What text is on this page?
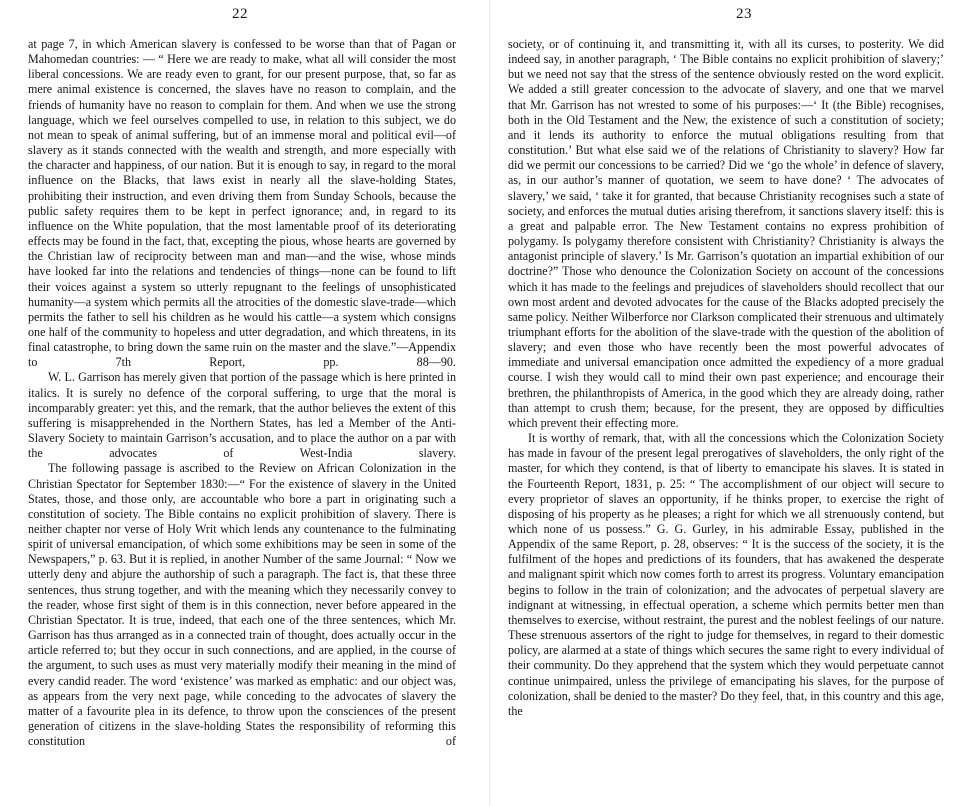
22

at page 7, in which American slavery is confessed to be worse than that of Pagan or Mahomedan countries: — “ Here we are ready to make, what all will consider the most liberal concessions. We are ready even to grant, for our present purpose, that, so far as mere animal existence is concerned, the slaves have no reason to complain, and the friends of humanity have no reason to complain for them. And when we use the strong language, which we feel ourselves compelled to use, in relation to this subject, we do not mean to speak of animal suffering, but of an immense moral and political evil—of slavery as it stands connected with the wealth and strength, and more especially with the character and happiness, of our nation. But it is enough to say, in regard to the moral influence on the Blacks, that laws exist in nearly all the slave-holding States, prohibiting their instruction, and even driving them from Sunday Schools, because the public safety requires them to be kept in perfect ignorance; and, in regard to its influence on the White population, that the most lamentable proof of its deteriorating effects may be found in the fact, that, excepting the pious, whose hearts are governed by the Christian law of reciprocity between man and man—and the wise, whose minds have looked far into the relations and tendencies of things—none can be found to lift their voices against a system so utterly repugnant to the feelings of unsophisticated humanity—a system which permits all the atrocities of the domestic slave-trade—which permits the father to sell his children as he would his cattle—a system which consigns one half of the community to hopeless and utter degradation, and which threatens, in its final catastrophe, to bring down the same ruin on the master and the slave.”—Appendix to 7th Report, pp. 88—90.

W. L. Garrison has merely given that portion of the passage which is here printed in italics. It is surely no defence of the corporal suffering, to urge that the moral is incomparably greater: yet this, and the remark, that the author believes the extent of this suffering is misapprehended in the Northern States, has led a Member of the Anti-Slavery Society to maintain Garrison’s accusation, and to place the author on a par with the advocates of West-India slavery.

The following passage is ascribed to the Review on African Colonization in the Christian Spectator for September 1830:—“ For the existence of slavery in the United States, those, and those only, are accountable who bore a part in originating such a constitution of society. The Bible contains no explicit prohibition of slavery. There is neither chapter nor verse of Holy Writ which lends any countenance to the fulminating spirit of universal emancipation, of which some exhibitions may be seen in some of the Newspapers,” p. 63. But it is replied, in another Number of the same Journal: “ Now we utterly deny and abjure the authorship of such a paragraph. The fact is, that these three sentences, thus strung together, and with the meaning which they necessarily convey to the reader, whose first sight of them is in this connection, never before appeared in the Christian Spectator. It is true, indeed, that each one of the three sentences, which Mr. Garrison has thus arranged as in a connected train of thought, does actually occur in the article referred to; but they occur in such connections, and are applied, in the course of the argument, to such uses as must very materially modify their meaning in the mind of every candid reader. The word ‘existence’ was marked as emphatic: and our object was, as appears from the very next page, while conceding to the advocates of slavery the matter of a favourite plea in its defence, to throw upon the consciences of the present generation of citizens in the slave-holding States the responsibility of reforming this constitution of

23

society, or of continuing it, and transmitting it, with all its curses, to posterity. We did indeed say, in another paragraph, ‘ The Bible contains no explicit prohibition of slavery;’ but we need not say that the stress of the sentence obviously rested on the word explicit. We added a still greater concession to the advocate of slavery, and one that we marvel that Mr. Garrison has not wrested to some of his purposes:—‘ It (the Bible) recognises, both in the Old Testament and the New, the existence of such a constitution of society; and it lends its authority to enforce the mutual obligations resulting from that constitution.’ But what else said we of the relations of Christianity to slavery? How far did we permit our concessions to be carried? Did we ‘go the whole’ in defence of slavery, as, in our author’s manner of quotation, we seem to have done? ‘ The advocates of slavery,’ we said, ‘ take it for granted, that because Christianity recognises such a state of society, and enforces the mutual duties arising therefrom, it sanctions slavery itself: this is a great and palpable error. The New Testament contains no express prohibition of polygamy. Is polygamy therefore consistent with Christianity? Christianity is always the antagonist principle of slavery.’ Is Mr. Garrison’s quotation an impartial exhibition of our doctrine?” Those who denounce the Colonization Society on account of the concessions which it has made to the feelings and prejudices of slaveholders should recollect that our own most ardent and devoted advocates for the cause of the Blacks adopted precisely the same policy. Neither Wilberforce nor Clarkson complicated their strenuous and ultimately triumphant efforts for the abolition of the slave-trade with the question of the abolition of slavery; and even those who have recently been the most powerful advocates of immediate and universal emancipation once admitted the expediency of a more gradual course. I wish they would call to mind their own past experience; and encourage their brethren, the philanthropists of America, in the good which they are already doing, rather than attempt to crush them; because, for the present, they are opposed by difficulties which prevent their effecting more.

It is worthy of remark, that, with all the concessions which the Colonization Society has made in favour of the present legal prerogatives of slaveholders, the only right of the master, for which they contend, is that of liberty to emancipate his slaves. It is stated in the Fourteenth Report, 1831, p. 25: “ The accomplishment of our object will secure to every proprietor of slaves an opportunity, if he thinks proper, to exercise the right of disposing of his property as he pleases; a right for which we all strenuously contend, but which none of us possess.” G. G. Gurley, in his admirable Essay, published in the Appendix of the same Report, p. 28, observes: “ It is the success of the society, it is the fulfilment of the hopes and predictions of its founders, that has awakened the desperate and malignant spirit which now comes forth to arrest its progress. Voluntary emancipation begins to follow in the train of colonization; and the advocates of perpetual slavery are indignant at witnessing, in effectual operation, a scheme which permits better men than themselves to exercise, without restraint, the purest and the noblest feelings of our nature. These strenuous assertors of the right to judge for themselves, in regard to their domestic policy, are alarmed at a state of things which secures the same right to every individual of their community. Do they apprehend that the system which they would perpetuate cannot continue unimpaired, unless the privilege of emancipating his slaves, for the purpose of colonization, shall be denied to the master? Do they feel, that, in this country and this age, the
